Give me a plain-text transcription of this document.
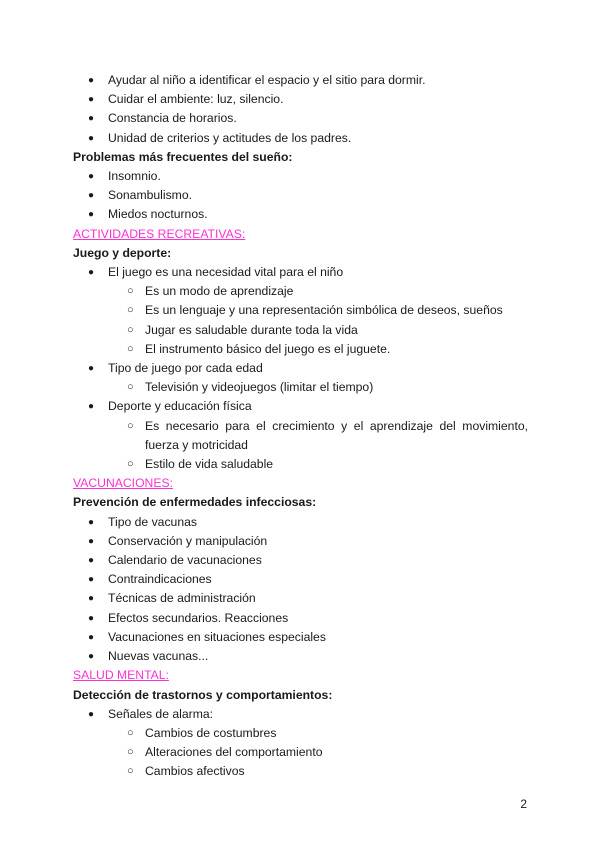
● Ayudar al niño a identificar el espacio y el sitio para dormir.
● Cuidar el ambiente: luz, silencio.
● Constancia de horarios.
● Unidad de criterios y actitudes de los padres.
Problemas más frecuentes del sueño:
● Insomnio.
● Sonambulismo.
● Miedos nocturnos.
ACTIVIDADES RECREATIVAS:
Juego y deporte:
● El juego es una necesidad vital para el niño
○ Es un modo de aprendizaje
○ Es un lenguaje y una representación simbólica de deseos, sueños
○ Jugar es saludable durante toda la vida
○ El instrumento básico del juego es el juguete.
● Tipo de juego por cada edad
○ Televisión y videojuegos (limitar el tiempo)
● Deporte y educación física
○ Es necesario para el crecimiento y el aprendizaje del movimiento,
fuerza y motricidad
○ Estilo de vida saludable
VACUNACIONES:
Prevención de enfermedades infecciosas:
● Tipo de vacunas
● Conservación y manipulación
● Calendario de vacunaciones
● Contraindicaciones
● Técnicas de administración
● Efectos secundarios. Reacciones
● Vacunaciones en situaciones especiales
● Nuevas vacunas...
SALUD MENTAL:
Detección de trastornos y comportamientos:
● Señales de alarma:
○ Cambios de costumbres
○ Alteraciones del comportamiento
○ Cambios afectivos
2
